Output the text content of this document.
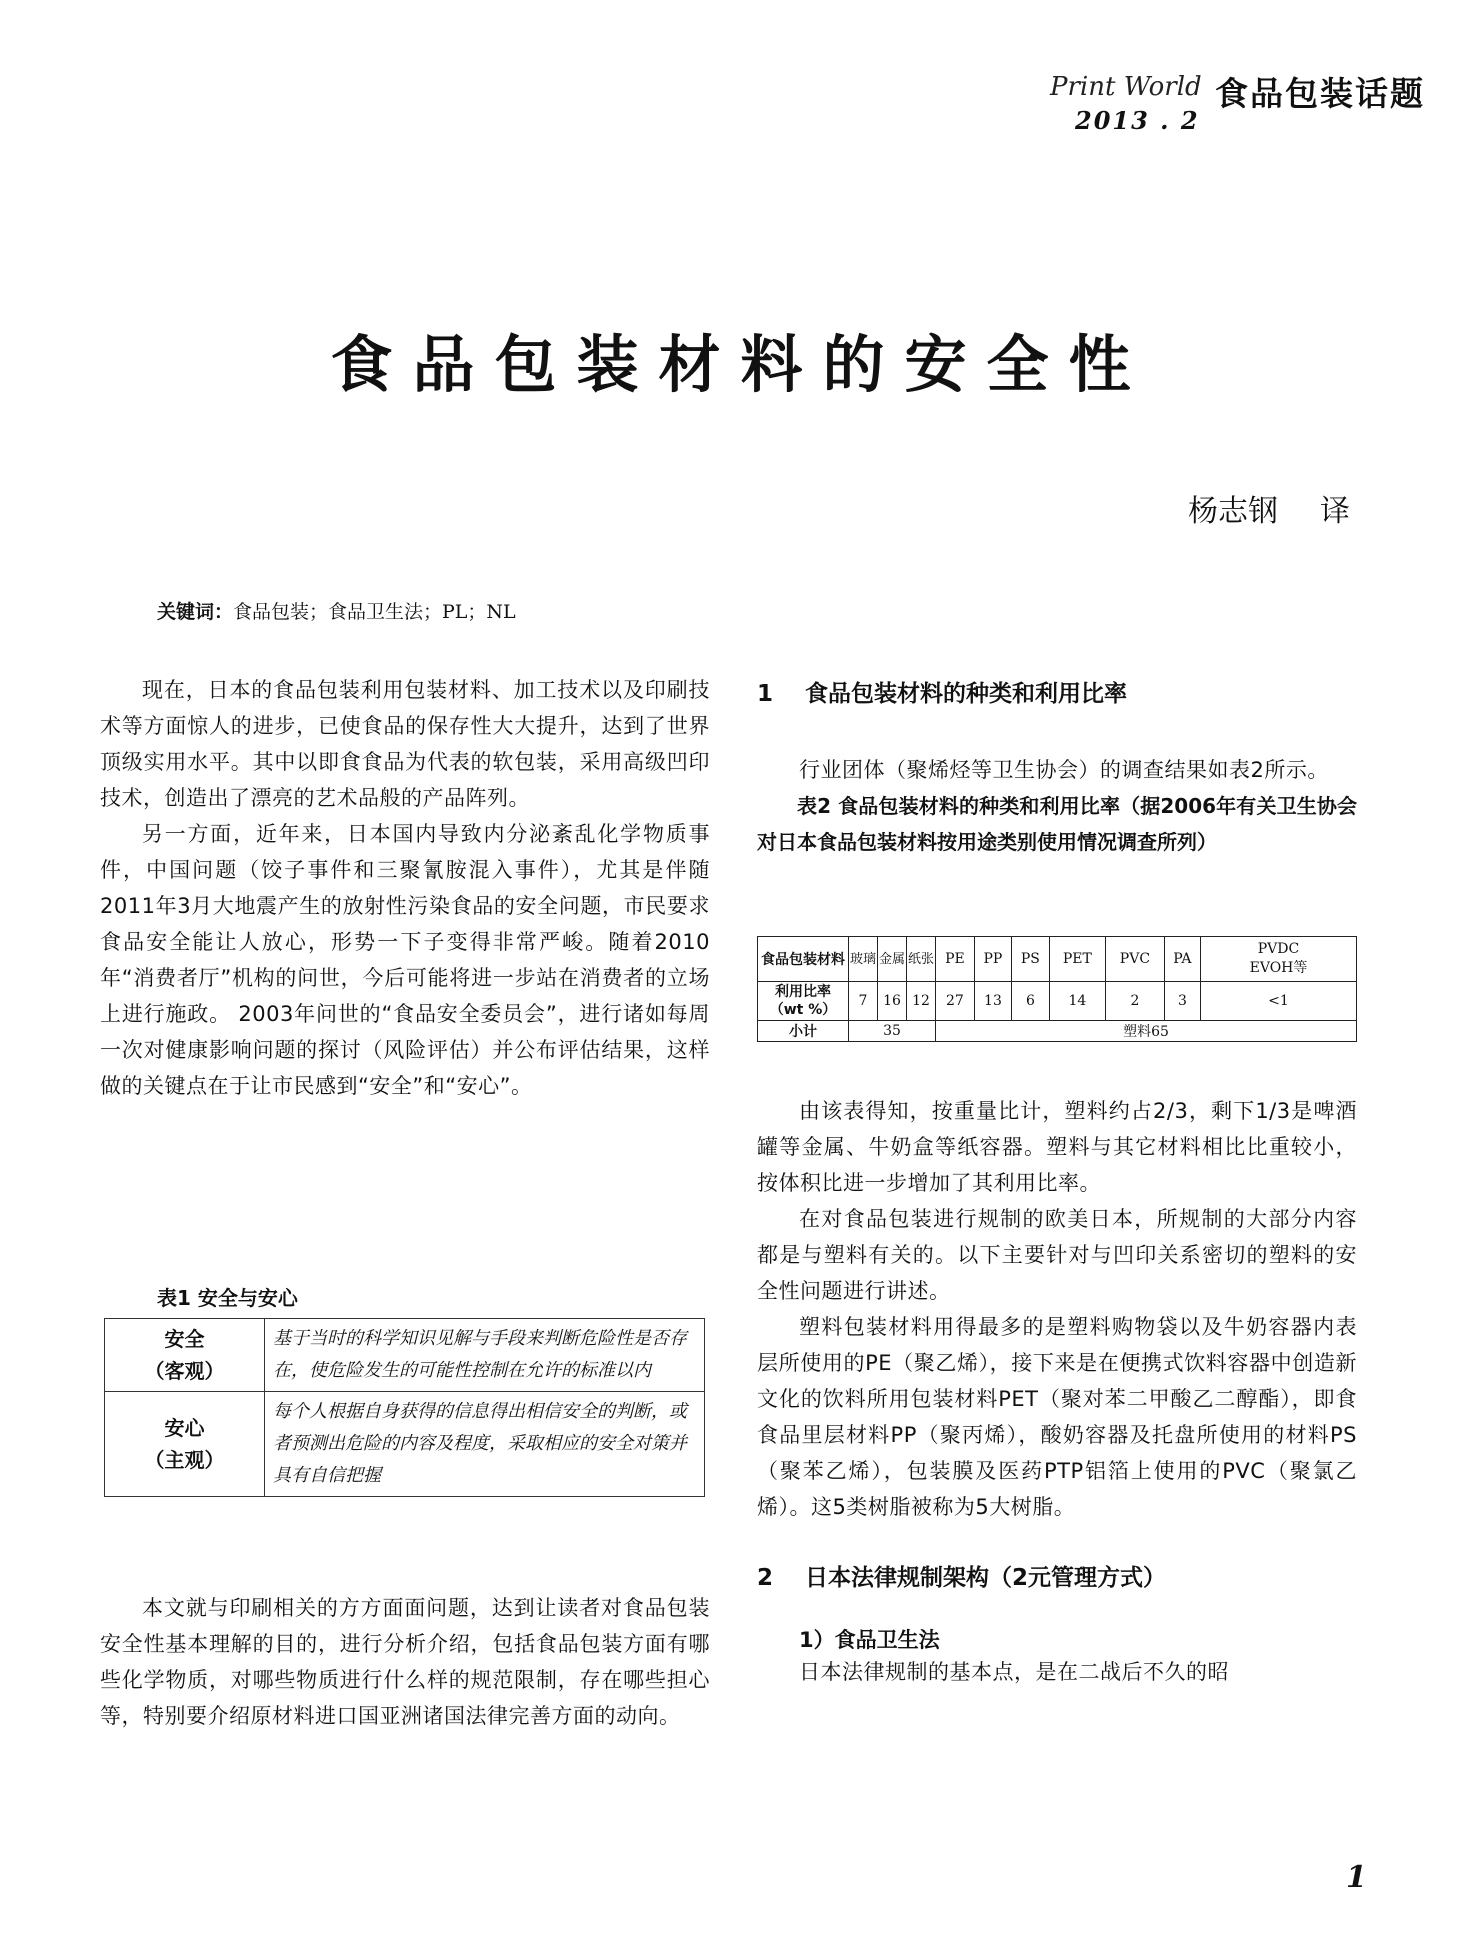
Print World 食品包装话题
2013 . 2
食品包装材料的安全性
杨志钢 译
关键词：食品包装；食品卫生法；PL；NL

现在，日本的食品包装利用包装材料、加工技术以及印刷技术等方面惊人的进步，已使食品的保存性大大提升，达到了世界顶级实用水平。其中以即食食品为代表的软包装，采用高级凹印技术，创造出了漂亮的艺术品般的产品阵列。

另一方面，近年来，日本国内导致内分泌紊乱化学物质事件，中国问题（饺子事件和三聚氰胺混入事件），尤其是伴随2011年3月大地震产生的放射性污染食品的安全问题，市民要求食品安全能让人放心，形势一下子变得非常严峻。随着2010年“消费者厅”机构的问世，今后可能将进一步站在消费者的立场上进行施政。 2003年问世的“食品安全委员会”，进行诸如每周一次对健康影响问题的探讨（风险评估）并公布评估结果，这样做的关键点在于让市民感到“安全”和“安心”。

表1 安全与安心
安全
（客观）	基于当时的科学知识见解与手段来判断危险性是否存在，使危险发生的可能性控制在允许的标准以内

安心
（主观）	每个人根据自身获得的信息得出相信安全的判断，或者预测出危险的内容及程度，采取相应的安全对策并具有自信把握

本文就与印刷相关的方方面面问题，达到让读者对食品包装安全性基本理解的目的，进行分析介绍，包括食品包装方面有哪些化学物质，对哪些物质进行什么样的规范限制，存在哪些担心等，特别要介绍原材料进口国亚洲诸国法律完善方面的动向。

1 食品包装材料的种类和利用比率

行业团体（聚烯烃等卫生协会）的调查结果如表2所示。

表2 食品包装材料的种类和利用比率（据2006年有关卫生协会对日本食品包装材料按用途类别使用情况调查所列）
食品包装材料	玻璃	金属	纸张	PE	PP	PS	PET	PVC	PA	PVDC
EVOH等

利用比率
（wt %）	7	16	12	27	13	6	14	2	3	<1
小计	35			塑料65						

由该表得知，按重量比计，塑料约占2/3，剩下1/3是啤酒罐等金属、牛奶盒等纸容器。塑料与其它材料相比比重较小，按体积比进一步增加了其利用比率。

在对食品包装进行规制的欧美日本，所规制的大部分内容都是与塑料有关的。以下主要针对与凹印关系密切的塑料的安全性问题进行讲述。

塑料包装材料用得最多的是塑料购物袋以及牛奶容器内表层所使用的PE（聚乙烯），接下来是在便携式饮料容器中创造新文化的饮料所用包装材料PET（聚对苯二甲酸乙二醇酯），即食食品里层材料PP（聚丙烯），酸奶容器及托盘所使用的材料PS（聚苯乙烯），包装膜及医药PTP铝箔上使用的PVC（聚氯乙烯）。这5类树脂被称为5大树脂。

2 日本法律规制架构（2元管理方式）
1）食品卫生法

日本法律规制的基本点，是在二战后不久的昭

1
